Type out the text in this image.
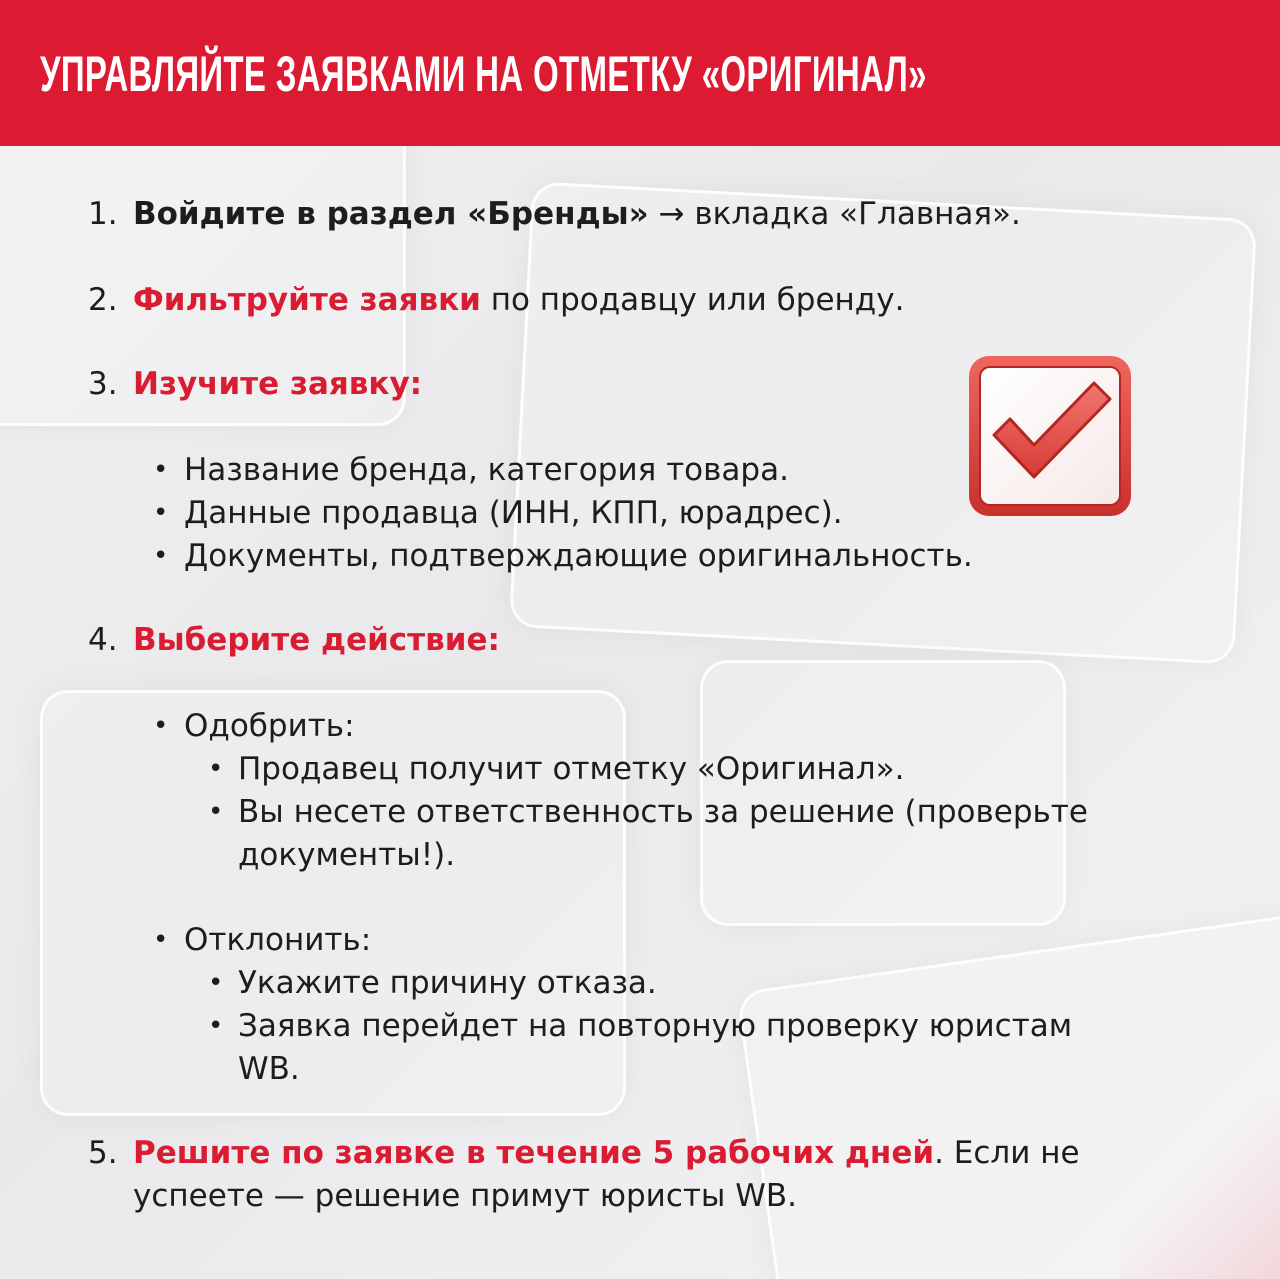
УПРАВЛЯЙТЕ ЗАЯВКАМИ НА ОТМЕТКУ «ОРИГИНАЛ»
1. Войдите в раздел «Бренды» → вкладка «Главная».
2. Фильтруйте заявки по продавцу или бренду.
3. Изучите заявку:
• Название бренда, категория товара.
• Данные продавца (ИНН, КПП, юрадрес).
• Документы, подтверждающие оригинальность.
4. Выберите действие:
• Одобрить:
• Продавец получит отметку «Оригинал».
• Вы несете ответственность за решение (проверьте
документы!).
• Отклонить:
• Укажите причину отказа.
• Заявка перейдет на повторную проверку юристам
WB.
5. Решите по заявке в течение 5 рабочих дней. Если не
успеете — решение примут юристы WB.
